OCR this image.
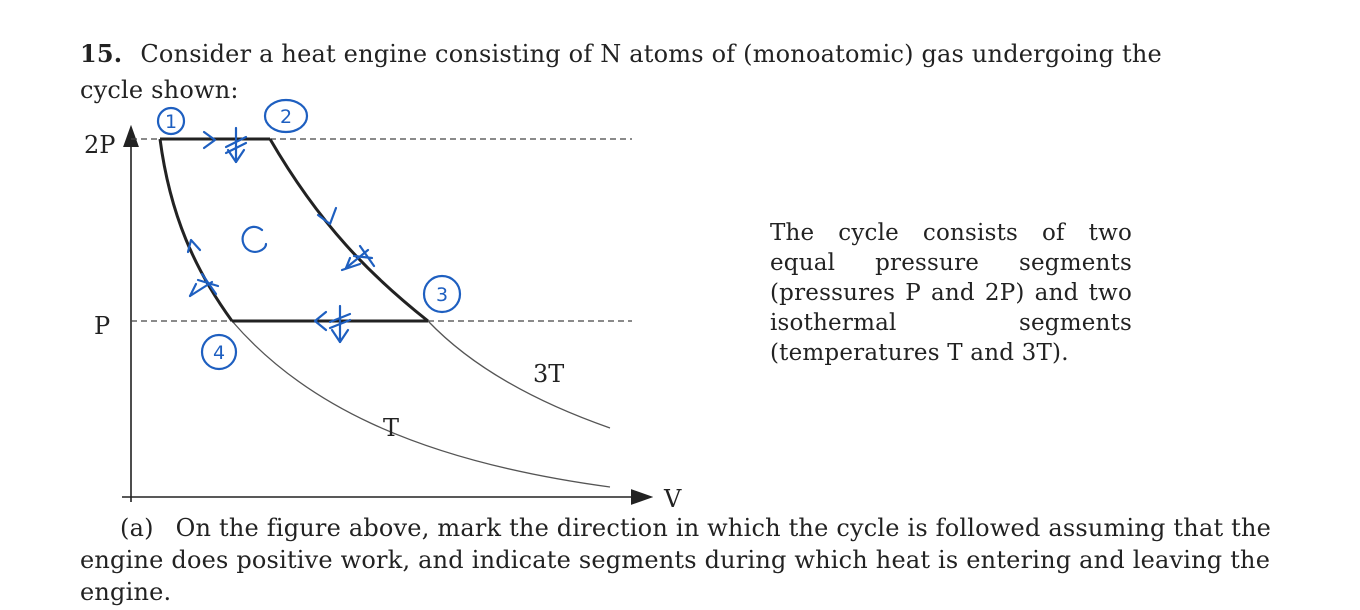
15. Consider a heat engine consisting of N atoms of (monoatomic) gas undergoing the
cycle shown:
2P
P
V
3T
T
1	2
3
4
The cycle consists of two equal pressure segments (pressures P and 2P) and two isothermal segments (temperatures T and 3T).
(a) On the figure above, mark the direction in which the cycle is followed assuming that the engine does positive work, and indicate segments during which heat is entering and leaving the engine.
